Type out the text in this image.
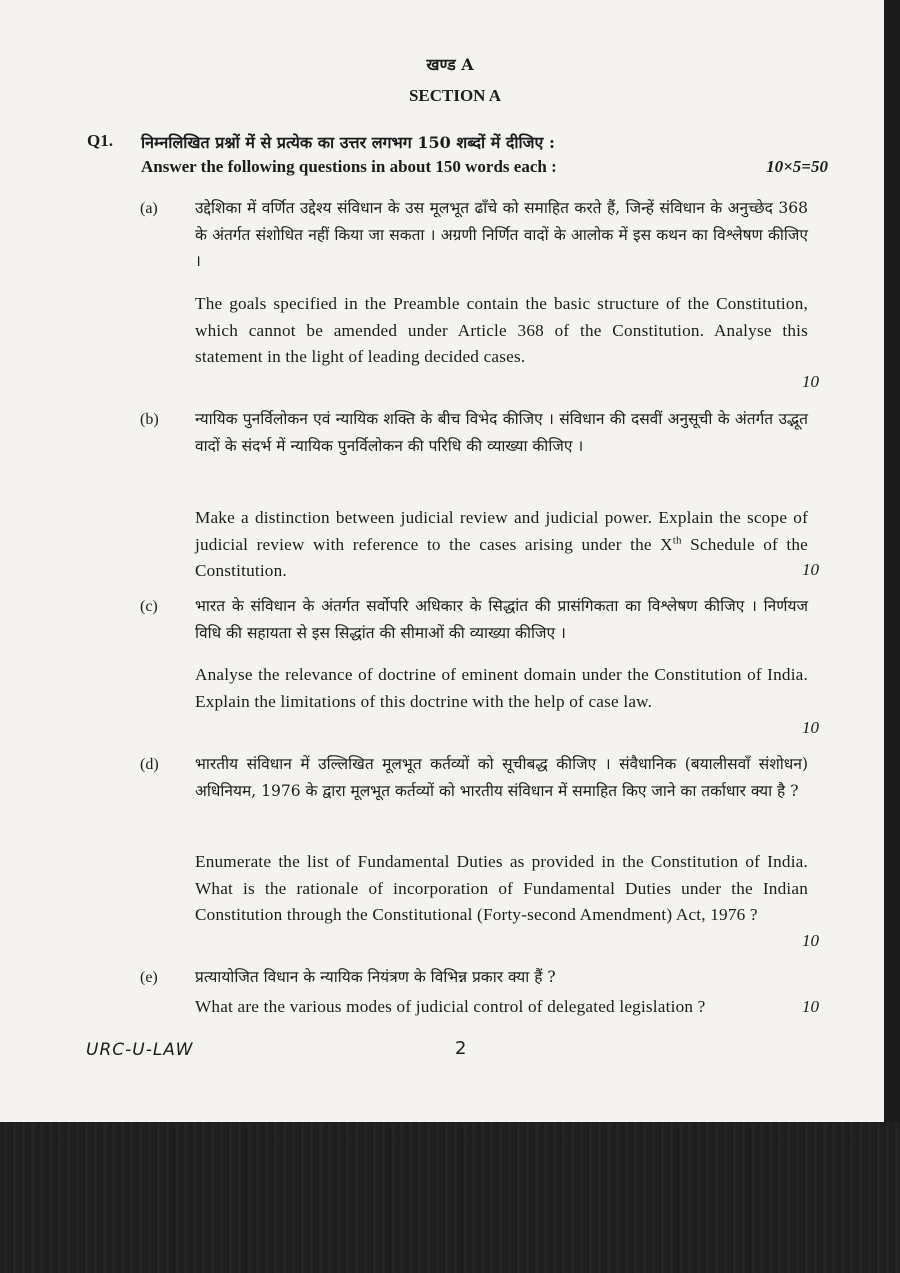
खण्ड A
SECTION A
Q1. निम्नलिखित प्रश्नों में से प्रत्येक का उत्तर लगभग 150 शब्दों में दीजिए :
Answer the following questions in about 150 words each :	10×5=50
(a) उद्देशिका में वर्णित उद्देश्य संविधान के उस मूलभूत ढाँचे को समाहित करते हैं, जिन्हें संविधान के अनुच्छेद 368 के अंतर्गत संशोधित नहीं किया जा सकता । अग्रणी निर्णित वादों के आलोक में इस कथन का विश्लेषण कीजिए ।
The goals specified in the Preamble contain the basic structure of the Constitution, which cannot be amended under Article 368 of the Constitution. Analyse this statement in the light of leading decided cases.
10
(b) न्यायिक पुनर्विलोकन एवं न्यायिक शक्ति के बीच विभेद कीजिए । संविधान की दसवीं अनुसूची के अंतर्गत उद्भूत वादों के संदर्भ में न्यायिक पुनर्विलोकन की परिधि की व्याख्या कीजिए ।
Make a distinction between judicial review and judicial power. Explain the scope of judicial review with reference to the cases arising under the Xth Schedule of the Constitution.	10
(c) भारत के संविधान के अंतर्गत सर्वोपरि अधिकार के सिद्धांत की प्रासंगिकता का विश्लेषण कीजिए । निर्णयज विधि की सहायता से इस सिद्धांत की सीमाओं की व्याख्या कीजिए ।
Analyse the relevance of doctrine of eminent domain under the Constitution of India. Explain the limitations of this doctrine with the help of case law.
10
(d) भारतीय संविधान में उल्लिखित मूलभूत कर्तव्यों को सूचीबद्ध कीजिए । संवैधानिक (बयालीसवाँ संशोधन) अधिनियम, 1976 के द्वारा मूलभूत कर्तव्यों को भारतीय संविधान में समाहित किए जाने का तर्काधार क्या है ?
Enumerate the list of Fundamental Duties as provided in the Constitution of India. What is the rationale of incorporation of Fundamental Duties under the Indian Constitution through the Constitutional (Forty-second Amendment) Act, 1976 ?
10
(e) प्रत्यायोजित विधान के न्यायिक नियंत्रण के विभिन्न प्रकार क्या हैं ?
What are the various modes of judicial control of delegated legislation ?	10
URC-U-LAW	2
